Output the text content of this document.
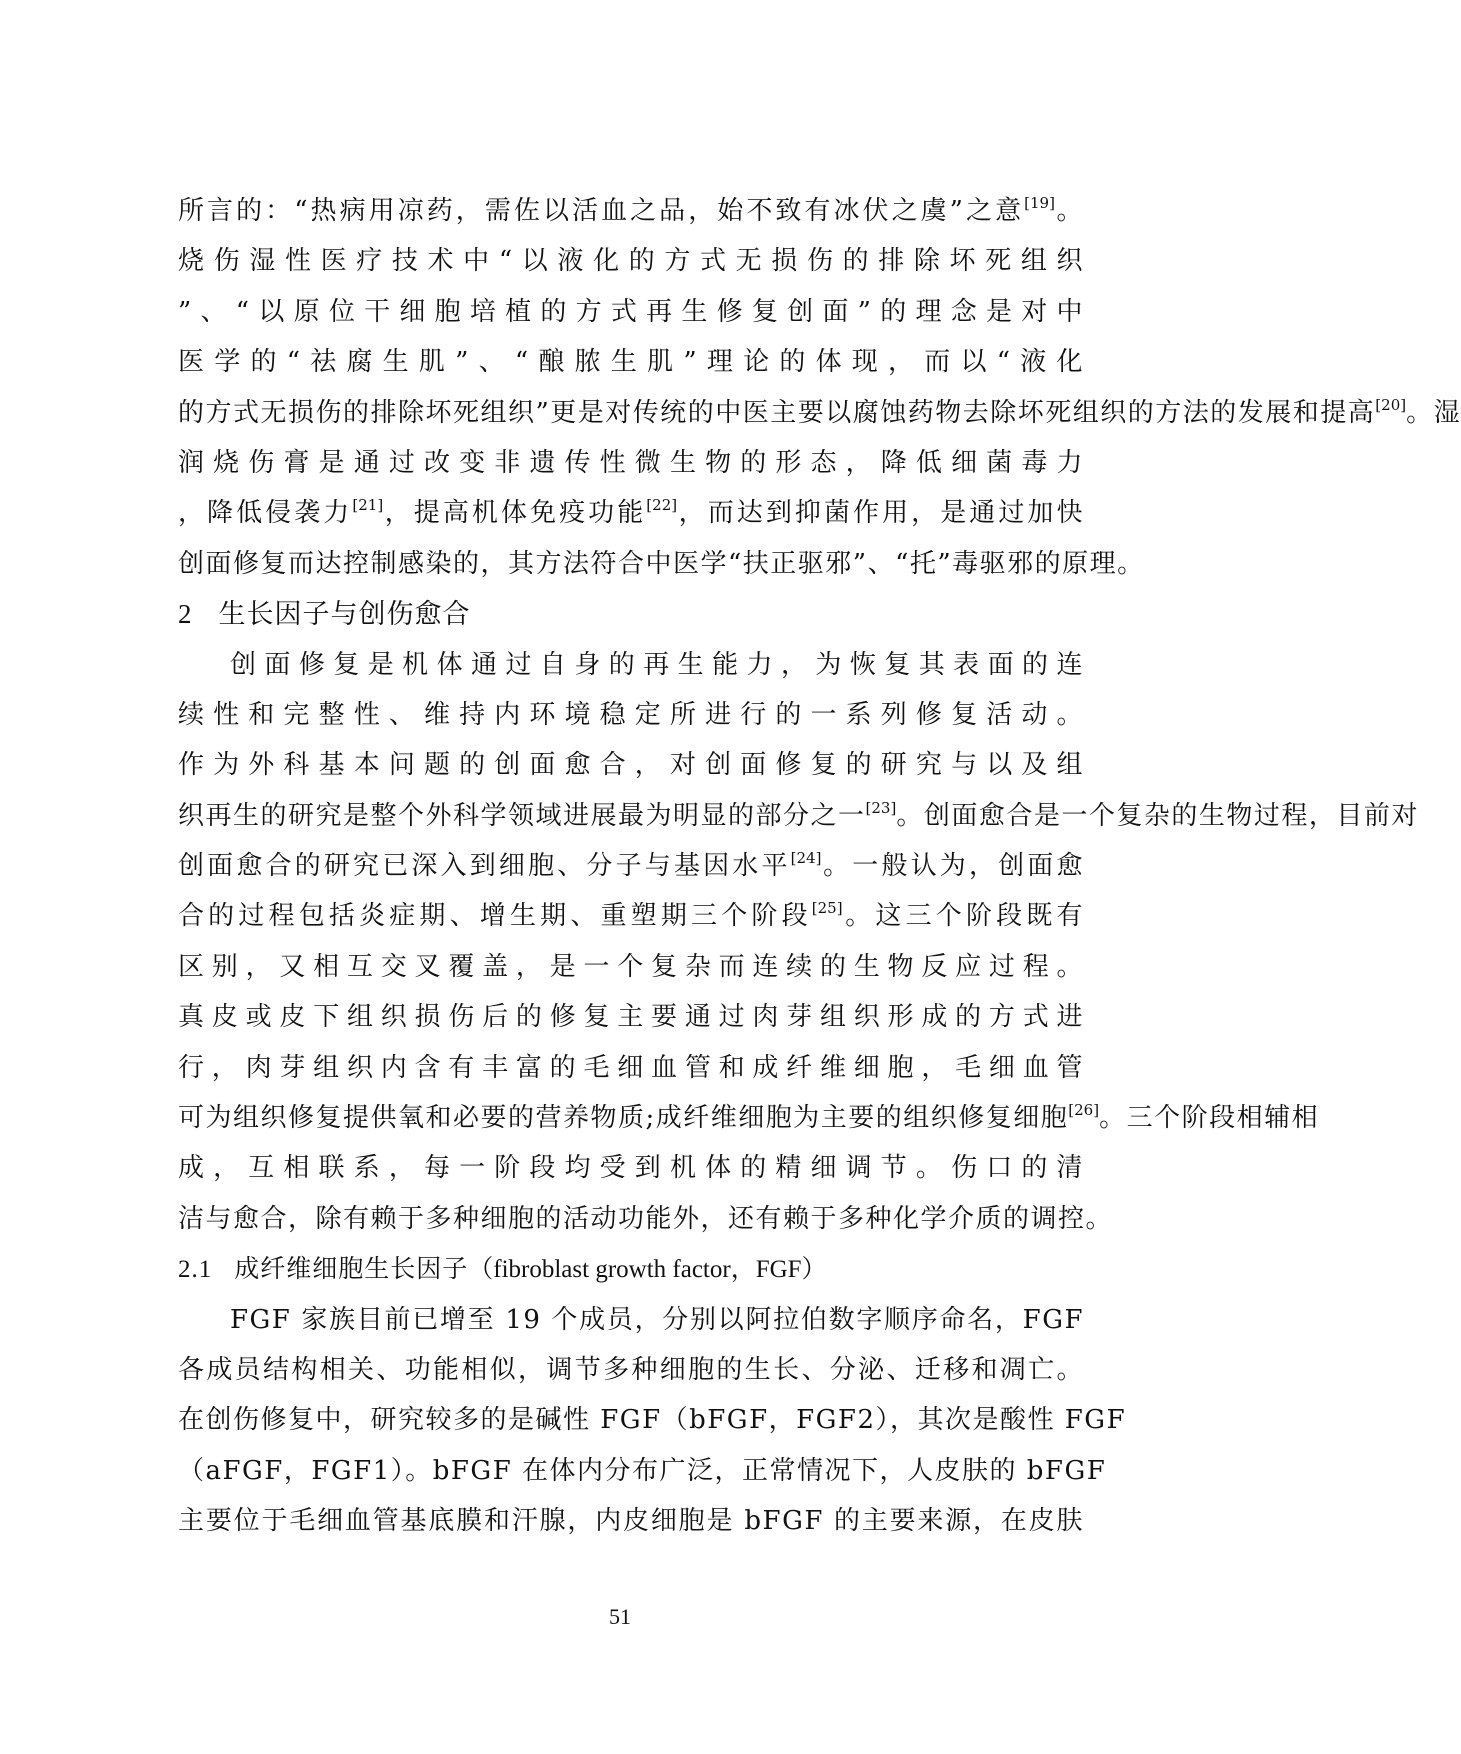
所言的：“热病用凉药，需佐以活血之品，始不致有冰伏之虞”之意[19]。
烧伤湿性医疗技术中“以液化的方式无损伤的排除坏死组织
”、“以原位干细胞培植的方式再生修复创面”的理念是对中
医学的“祛腐生肌”、“酿脓生肌”理论的体现，而以“液化
的方式无损伤的排除坏死组织”更是对传统的中医主要以腐蚀药物去除坏死组织的方法的发展和提高[20]。湿
润烧伤膏是通过改变非遗传性微生物的形态，降低细菌毒力
，降低侵袭力[21]，提高机体免疫功能[22]，而达到抑菌作用，是通过加快
创面修复而达控制感染的，其方法符合中医学“扶正驱邪”、“托”毒驱邪的原理。
2 生长因子与创伤愈合
创面修复是机体通过自身的再生能力，为恢复其表面的连
续性和完整性、维持内环境稳定所进行的一系列修复活动。
作为外科基本问题的创面愈合，对创面修复的研究与以及组
织再生的研究是整个外科学领域进展最为明显的部分之一[23]。创面愈合是一个复杂的生物过程，目前对
创面愈合的研究已深入到细胞、分子与基因水平[24]。一般认为，创面愈
合的过程包括炎症期、增生期、重塑期三个阶段[25]。这三个阶段既有
区别，又相互交叉覆盖，是一个复杂而连续的生物反应过程。
真皮或皮下组织损伤后的修复主要通过肉芽组织形成的方式进
行，肉芽组织内含有丰富的毛细血管和成纤维细胞，毛细血管
可为组织修复提供氧和必要的营养物质;成纤维细胞为主要的组织修复细胞[26]。三个阶段相辅相
成，互相联系，每一阶段均受到机体的精细调节。伤口的清
洁与愈合，除有赖于多种细胞的活动功能外，还有赖于多种化学介质的调控。
2.1 成纤维细胞生长因子（fibroblast growth factor，FGF）
FGF 家族目前已增至 19 个成员，分别以阿拉伯数字顺序命名，FGF
各成员结构相关、功能相似，调节多种细胞的生长、分泌、迁移和凋亡。
在创伤修复中，研究较多的是碱性 FGF（bFGF，FGF2），其次是酸性 FGF
（aFGF，FGF1）。bFGF 在体内分布广泛，正常情况下，人皮肤的 bFGF
主要位于毛细血管基底膜和汗腺，内皮细胞是 bFGF 的主要来源，在皮肤
51
